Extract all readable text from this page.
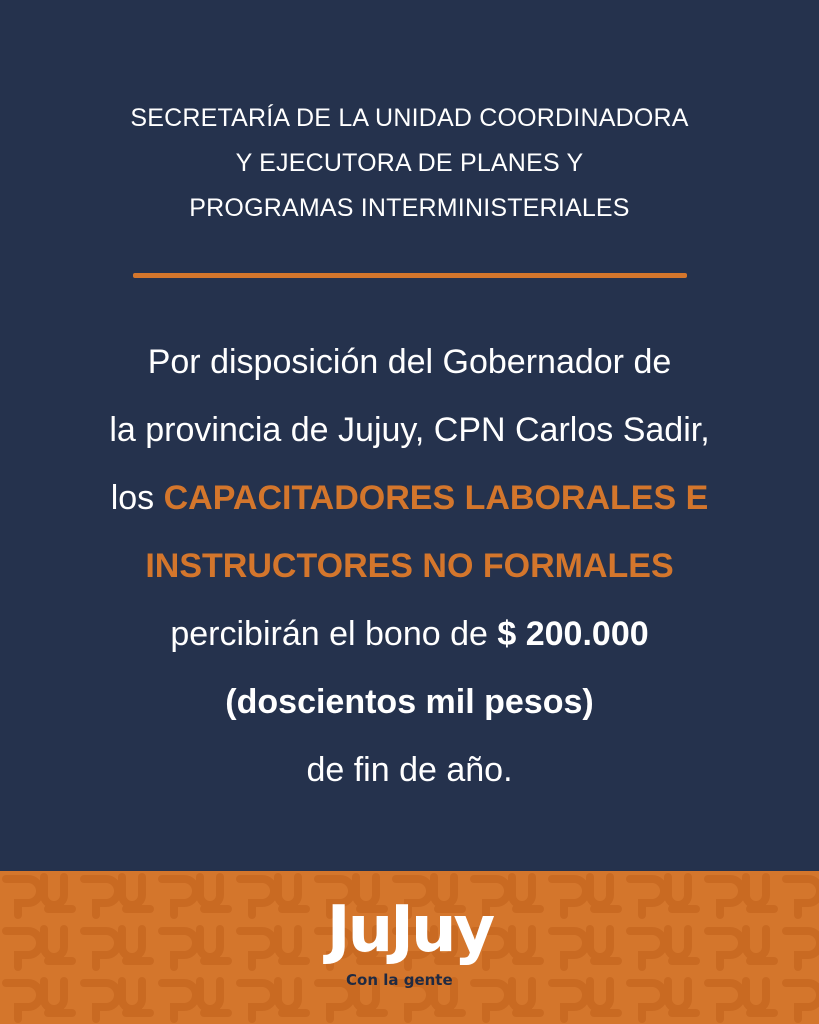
SECRETARÍA DE LA UNIDAD COORDINADORA
Y EJECUTORA DE PLANES Y
PROGRAMAS INTERMINISTERIALES
Por disposición del Gobernador de
la provincia de Jujuy, CPN Carlos Sadir,
los CAPACITADORES LABORALES E
INSTRUCTORES NO FORMALES
percibirán el bono de $ 200.000
(doscientos mil pesos)
de fin de año.
JuJuy
Con la gente
